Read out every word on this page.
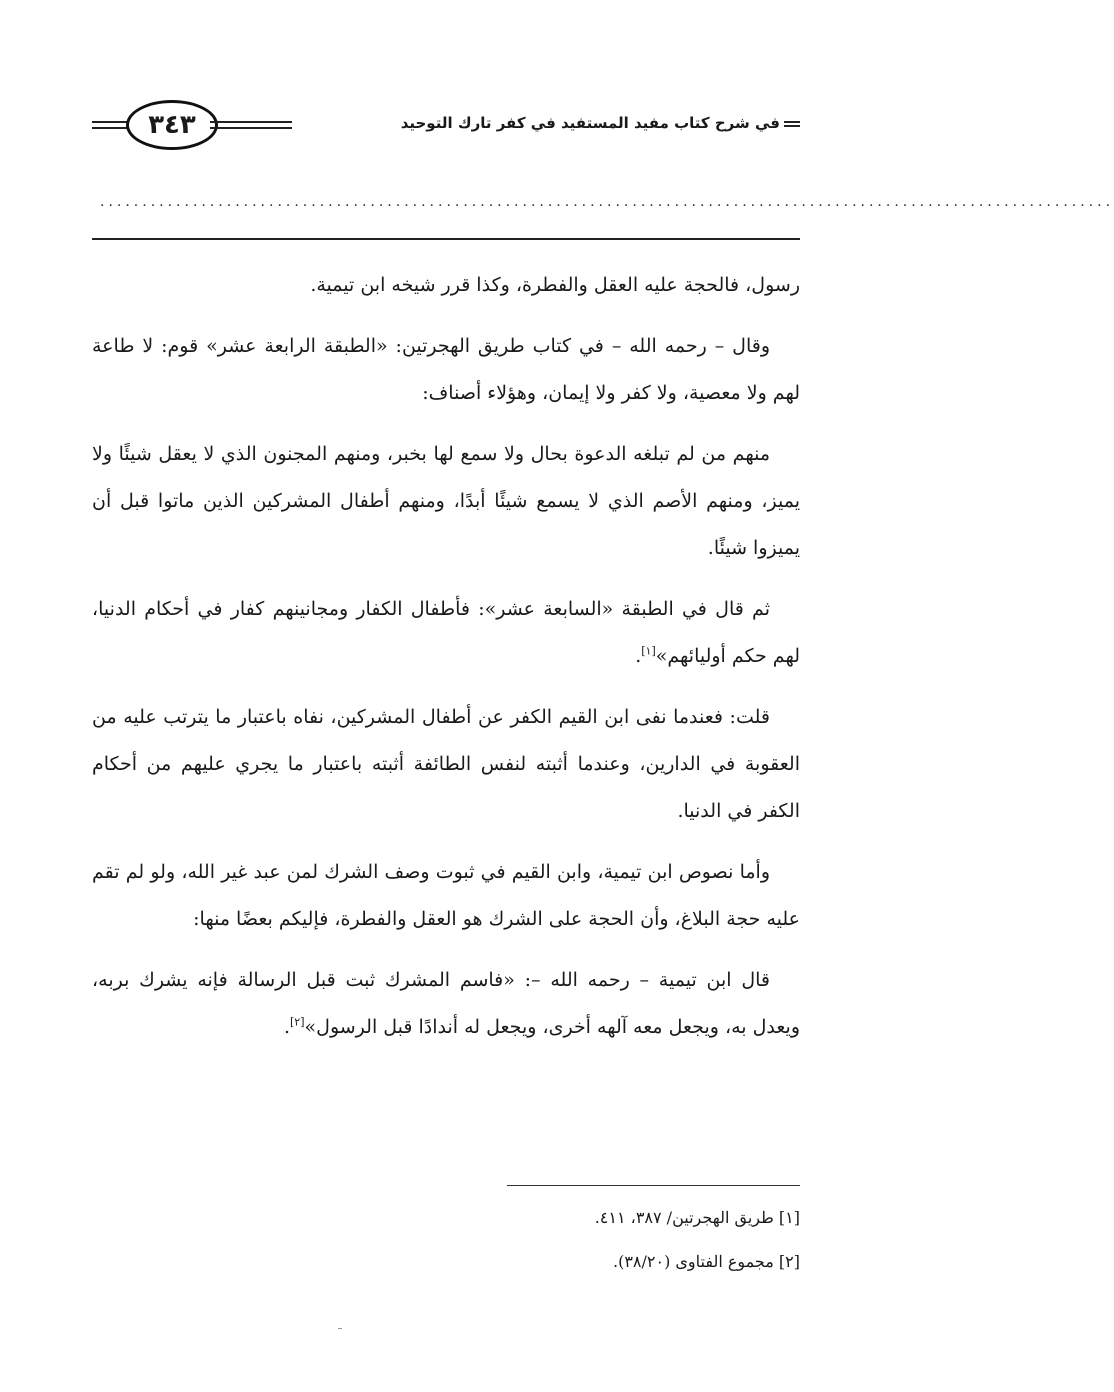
٣٤٣	في شرح كتاب مفيد المستفيد في كفر تارك التوحيد
........................................................................................................................

رسول، فالحجة عليه العقل والفطرة، وكذا قرر شيخه ابن تيمية.

وقال – رحمه الله – في كتاب طريق الهجرتين: «الطبقة الرابعة عشر» قوم: لا طاعة لهم ولا معصية، ولا كفر ولا إيمان، وهؤلاء أصناف:

منهم من لم تبلغه الدعوة بحال ولا سمع لها بخبر، ومنهم المجنون الذي لا يعقل شيئًا ولا يميز، ومنهم الأصم الذي لا يسمع شيئًا أبدًا، ومنهم أطفال المشركين الذين ماتوا قبل أن يميزوا شيئًا.

ثم قال في الطبقة «السابعة عشر»: فأطفال الكفار ومجانينهم كفار في أحكام الدنيا، لهم حكم أوليائهم»[١].

قلت: فعندما نفى ابن القيم الكفر عن أطفال المشركين، نفاه باعتبار ما يترتب عليه من العقوبة في الدارين، وعندما أثبته لنفس الطائفة أثبته باعتبار ما يجري عليهم من أحكام الكفر في الدنيا.

وأما نصوص ابن تيمية، وابن القيم في ثبوت وصف الشرك لمن عبد غير الله، ولو لم تقم عليه حجة البلاغ، وأن الحجة على الشرك هو العقل والفطرة، فإليكم بعضًا منها:

قال ابن تيمية – رحمه الله –: «فاسم المشرك ثبت قبل الرسالة فإنه يشرك بربه، ويعدل به، ويجعل معه آلهه أخرى، ويجعل له أندادًا قبل الرسول»[٢].

[١] طريق الهجرتين/ ٣٨٧، ٤١١.

[٢] مجموع الفتاوى (٣٨/٢٠).
